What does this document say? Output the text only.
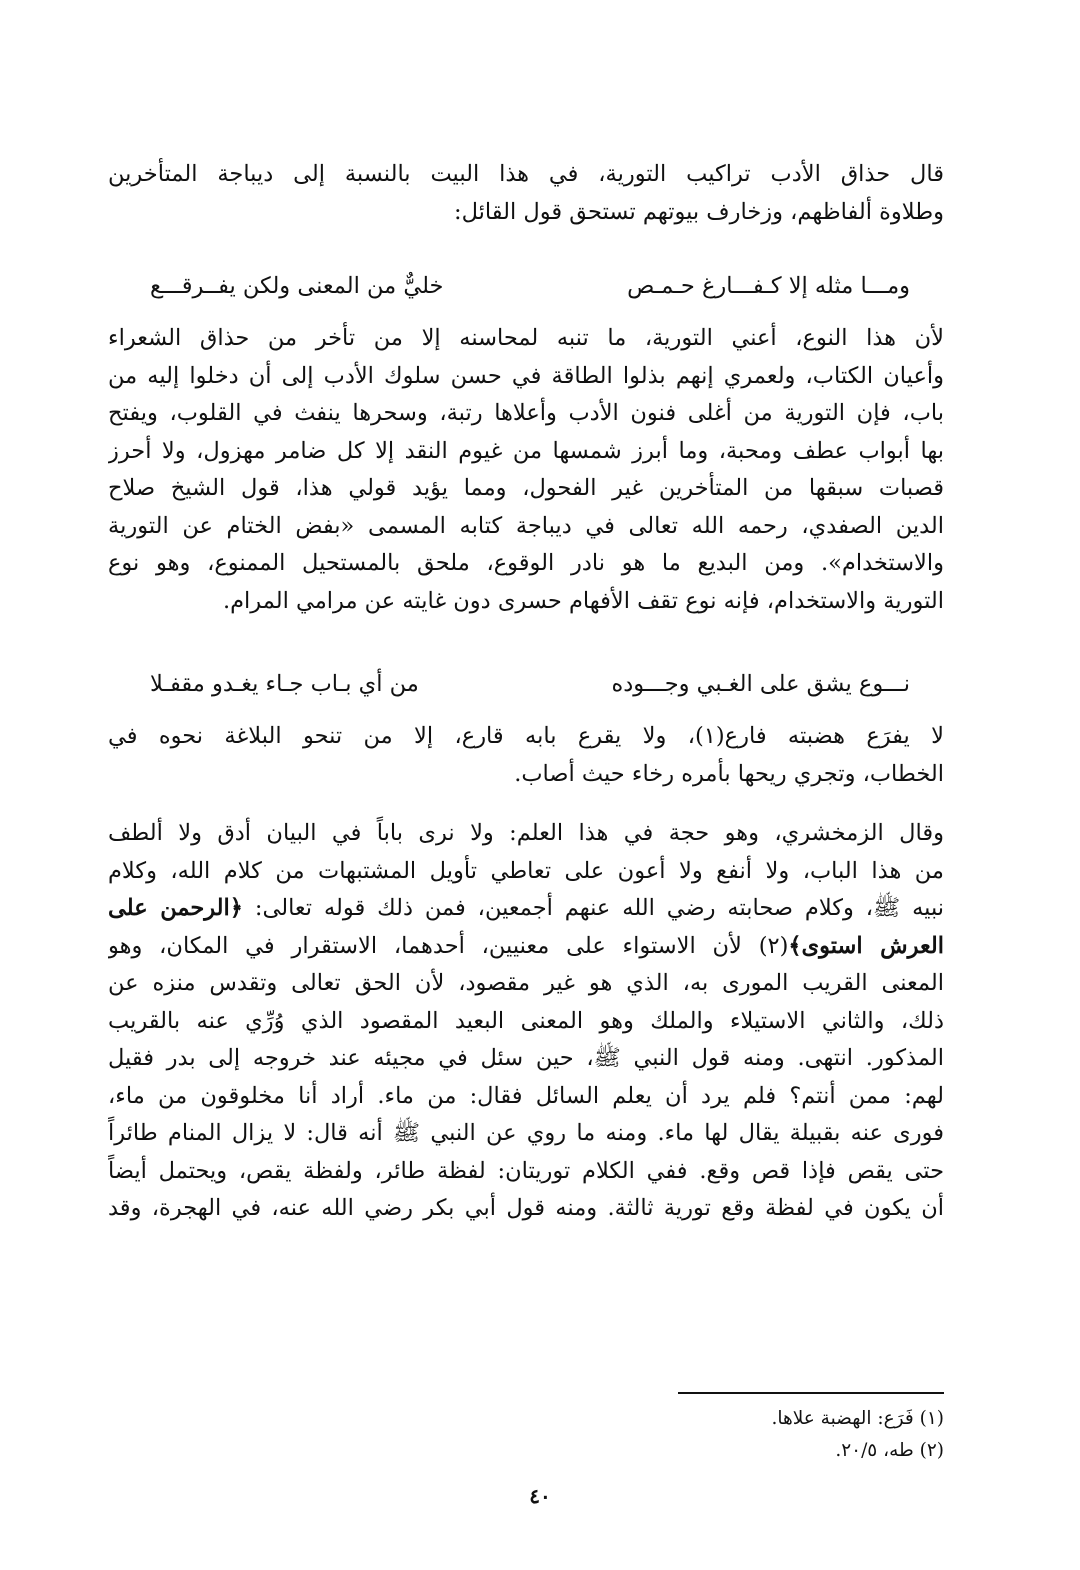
قال حذاق الأدب تراكيب التورية، في هذا البيت بالنسبة إلى ديباجة المتأخرين
وطلاوة ألفاظهم، وزخارف بيوتهم تستحق قول القائل:
ومـــا مثله إلا كـفـــارغ حـمـص
خليٌّ من المعنى ولكن يفــرقـــع
لأن هذا النوع، أعني التورية، ما تنبه لمحاسنه إلا من تأخر من حذاق الشعراء
وأعيان الكتاب، ولعمري إنهم بذلوا الطاقة في حسن سلوك الأدب إلى أن دخلوا إليه من
باب، فإن التورية من أغلى فنون الأدب وأعلاها رتبة، وسحرها ينفث في القلوب، ويفتح
بها أبواب عطف ومحبة، وما أبرز شمسها من غيوم النقد إلا كل ضامر مهزول، ولا أحرز
قصبات سبقها من المتأخرين غير الفحول، ومما يؤيد قولي هذا، قول الشيخ صلاح
الدين الصفدي، رحمه الله تعالى في ديباجة كتابه المسمى «بفض الختام عن التورية
والاستخدام». ومن البديع ما هو نادر الوقوع، ملحق بالمستحيل الممنوع، وهو نوع
التورية والاستخدام، فإنه نوع تقف الأفهام حسرى دون غايته عن مرامي المرام.
نـــوع يشق على الغـبي وجـــوده
من أي بـاب جـاء يغـدو مقفـلا
لا يفرَع هضبته فارع(١)، ولا يقرع بابه قارع، إلا من تنحو البلاغة نحوه في
الخطاب، وتجري ريحها بأمره رخاء حيث أصاب.
وقال الزمخشري، وهو حجة في هذا العلم: ولا نرى باباً في البيان أدق ولا ألطف
من هذا الباب، ولا أنفع ولا أعون على تعاطي تأويل المشتبهات من كلام الله، وكلام
نبيه ﷺ، وكلام صحابته رضي الله عنهم أجمعين، فمن ذلك قوله تعالى: ﴿الرحمن على
العرش استوى﴾(٢) لأن الاستواء على معنيين، أحدهما، الاستقرار في المكان، وهو
المعنى القريب المورى به، الذي هو غير مقصود، لأن الحق تعالى وتقدس منزه عن
ذلك، والثاني الاستيلاء والملك وهو المعنى البعيد المقصود الذي وُرِّي عنه بالقريب
المذكور. انتهى. ومنه قول النبي ﷺ، حين سئل في مجيئه عند خروجه إلى بدر فقيل
لهم: ممن أنتم؟ فلم يرد أن يعلم السائل فقال: من ماء. أراد أنا مخلوقون من ماء،
فورى عنه بقبيلة يقال لها ماء. ومنه ما روي عن النبي ﷺ أنه قال: لا يزال المنام طائراً
حتى يقص فإذا قص وقع. ففي الكلام توريتان: لفظة طائر، ولفظة يقص، ويحتمل أيضاً
أن يكون في لفظة وقع تورية ثالثة. ومنه قول أبي بكر رضي الله عنه، في الهجرة، وقد
(١) فَرَع: الهضبة علاها.
(٢) طه، ٢٠/٥.
٤٠
